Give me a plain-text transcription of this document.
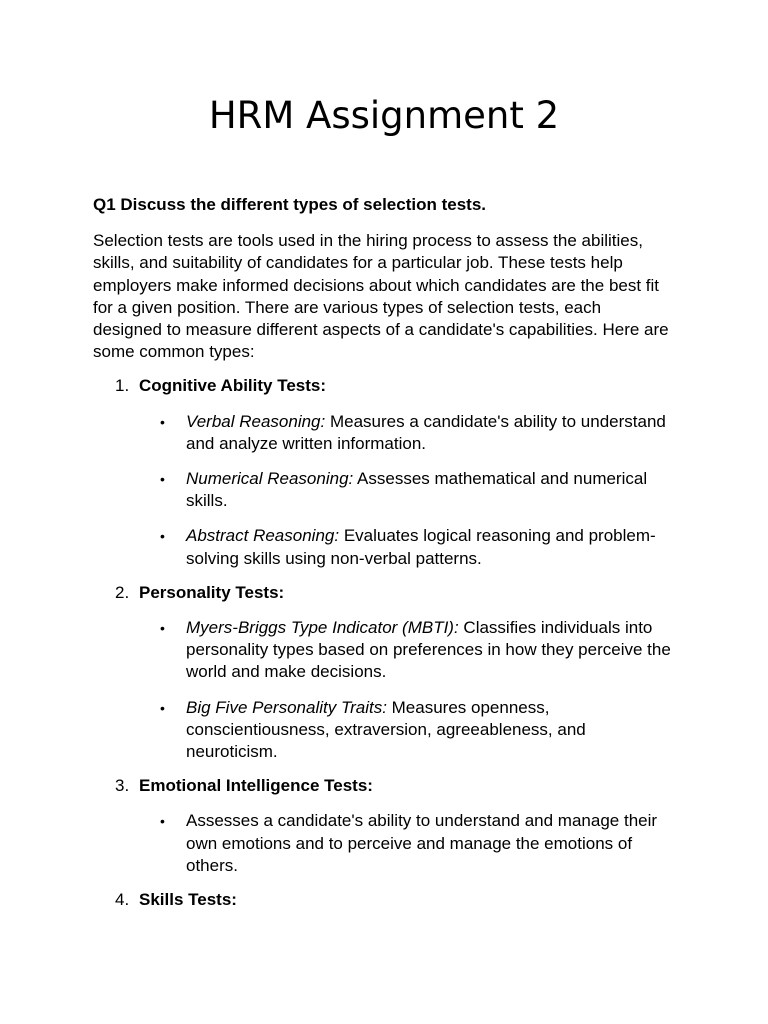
HRM Assignment 2

Q1 Discuss the different types of selection tests.

Selection tests are tools used in the hiring process to assess the abilities, skills, and suitability of candidates for a particular job. These tests help employers make informed decisions about which candidates are the best fit for a given position. There are various types of selection tests, each designed to measure different aspects of a candidate's capabilities. Here are some common types:

1. Cognitive Ability Tests:
• Verbal Reasoning: Measures a candidate's ability to understand and analyze written information.
• Numerical Reasoning: Assesses mathematical and numerical skills.
• Abstract Reasoning: Evaluates logical reasoning and problem-solving skills using non-verbal patterns.
2. Personality Tests:
• Myers-Briggs Type Indicator (MBTI): Classifies individuals into personality types based on preferences in how they perceive the world and make decisions.
• Big Five Personality Traits: Measures openness, conscientiousness, extraversion, agreeableness, and neuroticism.
3. Emotional Intelligence Tests:
• Assesses a candidate's ability to understand and manage their own emotions and to perceive and manage the emotions of others.
4. Skills Tests:
